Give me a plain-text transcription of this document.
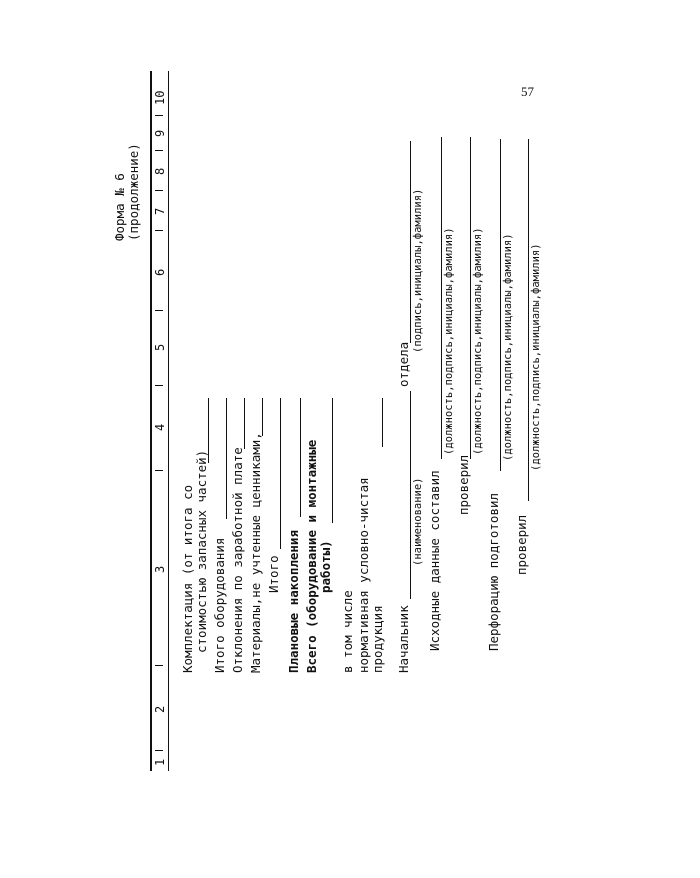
57
Форма № 6 (продолжение)
1
2
3
4
5
6
7
8
9
10
Комплектация (от итога со стоимостью запасных частей) Итого оборудования Отклонения по заработной плате Материалы,не учтенные ценниками, Итого Плановые накопления Всего (оборудование и монтажные работы)
в том числе нормативная условно-чистая продукция Начальник
(наименование)
отдела
(подпись,инициалы,фамилия)
Исходные данные составил
(должность,подпись,инициалы,фамилия)
проверил
(должность,подпись,инициалы,фамилия)
Перфорацию подготовил
(должность,подпись,инициалы,фамилия)
проверил
(должность,подпись,инициалы,фамилия)
